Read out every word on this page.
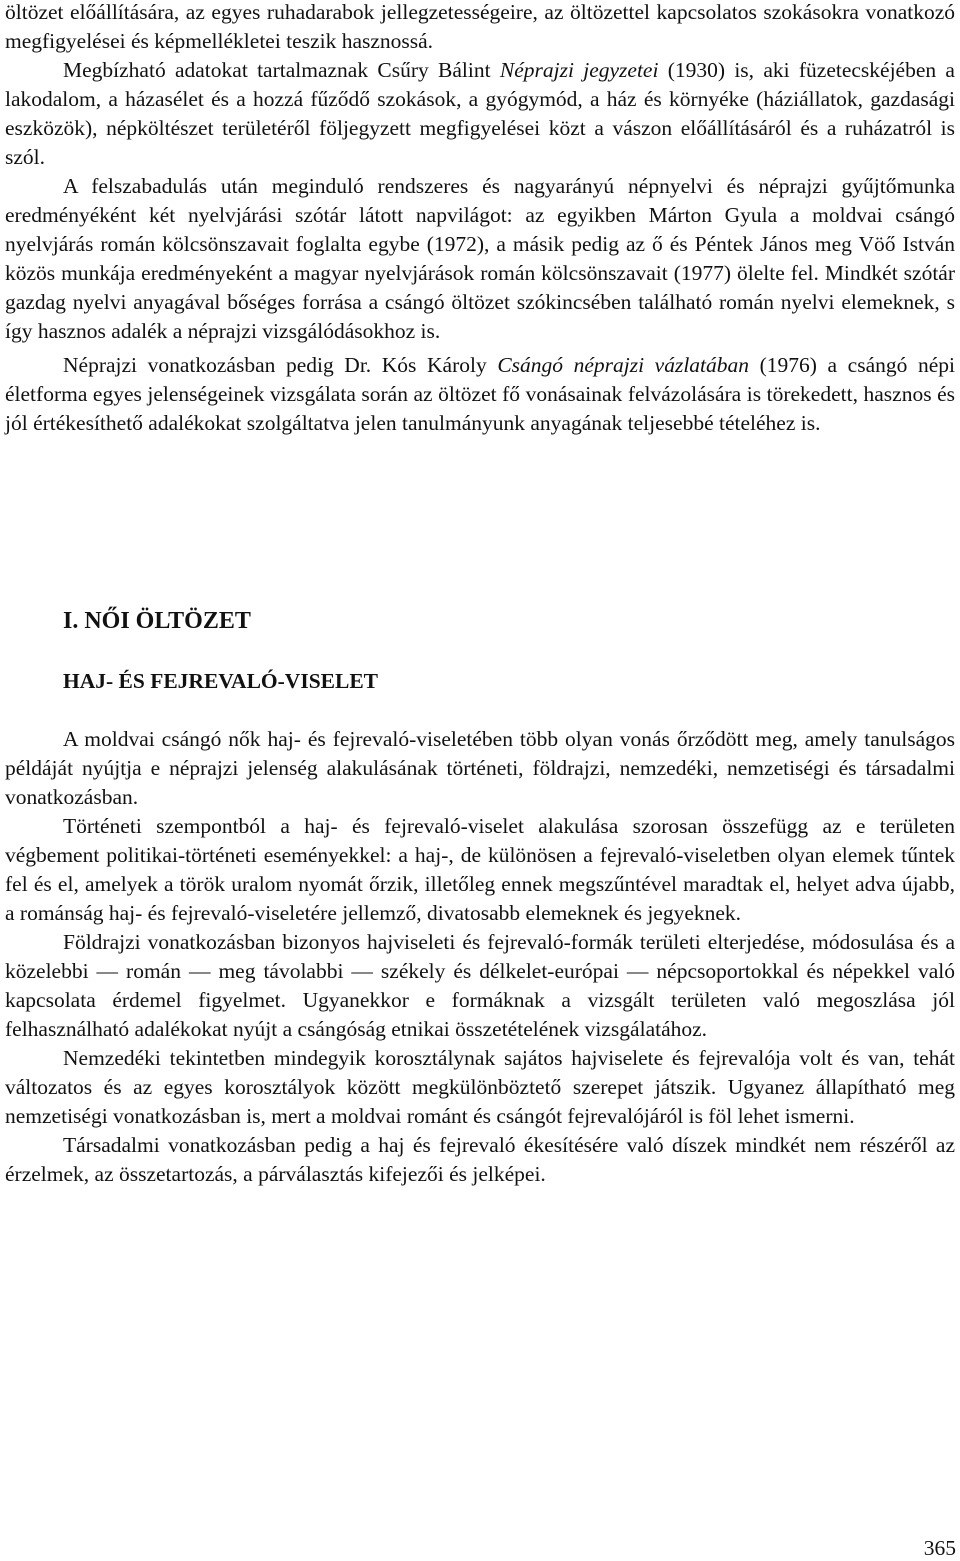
öltözet előállítására, az egyes ruhadarabok jellegzetességeire, az öltözettel kapcsolatos szokásokra vonatkozó megfigyelései és képmellékletei teszik hasznossá.

Megbízható adatokat tartalmaznak Csűry Bálint Néprajzi jegyzetei (1930) is, aki füzetecskéjében a lakodalom, a házasélet és a hozzá fűződő szokások, a gyógymód, a ház és környéke (háziállatok, gazdasági eszközök), népköltészet területéről följegyzett megfigyelései közt a vászon előállításáról és a ruházatról is szól.

A felszabadulás után meginduló rendszeres és nagyarányú népnyelvi és néprajzi gyűjtőmunka eredményéként két nyelvjárási szótár látott napvilágot: az egyikben Márton Gyula a moldvai csángó nyelvjárás román kölcsönszavait foglalta egybe (1972), a másik pedig az ő és Péntek János meg Vöő István közös munkája eredményeként a magyar nyelvjárások román kölcsönszavait (1977) ölelte fel. Mindkét szótár gazdag nyelvi anyagával bőséges forrása a csángó öltözet szókincsében található román nyelvi elemeknek, s így hasznos adalék a néprajzi vizsgálódásokhoz is.

Néprajzi vonatkozásban pedig Dr. Kós Károly Csángó néprajzi vázlatában (1976) a csángó népi életforma egyes jelenségeinek vizsgálata során az öltözet fő vonásainak felvázolására is törekedett, hasznos és jól értékesíthető adalékokat szolgáltatva jelen tanulmányunk anyagának teljesebbé tételéhez is.

I. NŐI ÖLTÖZET
HAJ- ÉS FEJREVALÓ-VISELET

A moldvai csángó nők haj- és fejrevaló-viseletében több olyan vonás őrződött meg, amely tanulságos példáját nyújtja e néprajzi jelenség alakulásának történeti, földrajzi, nemzedéki, nemzetiségi és társadalmi vonatkozásban.

Történeti szempontból a haj- és fejrevaló-viselet alakulása szorosan összefügg az e területen végbement politikai-történeti eseményekkel: a haj-, de különösen a fejrevaló-viseletben olyan elemek tűntek fel és el, amelyek a török uralom nyomát őrzik, illetőleg ennek megszűntével maradtak el, helyet adva újabb, a románság haj- és fejrevaló-viseletére jellemző, divatosabb elemeknek és jegyeknek.

Földrajzi vonatkozásban bizonyos hajviseleti és fejrevaló-formák területi elterjedése, módosulása és a közelebbi — román — meg távolabbi — székely és délkelet-európai — népcsoportokkal és népekkel való kapcsolata érdemel figyelmet. Ugyanekkor e formáknak a vizsgált területen való megoszlása jól felhasználható adalékokat nyújt a csángóság etnikai összetételének vizsgálatához.

Nemzedéki tekintetben mindegyik korosztálynak sajátos hajviselete és fejrevalója volt és van, tehát változatos és az egyes korosztályok között megkülönböztető szerepet játszik. Ugyanez állapítható meg nemzetiségi vonatkozásban is, mert a moldvai románt és csángót fejrevalójáról is föl lehet ismerni.

Társadalmi vonatkozásban pedig a haj és fejrevaló ékesítésére való díszek mindkét nem részéről az érzelmek, az összetartozás, a párválasztás kifejezői és jelképei.

365
